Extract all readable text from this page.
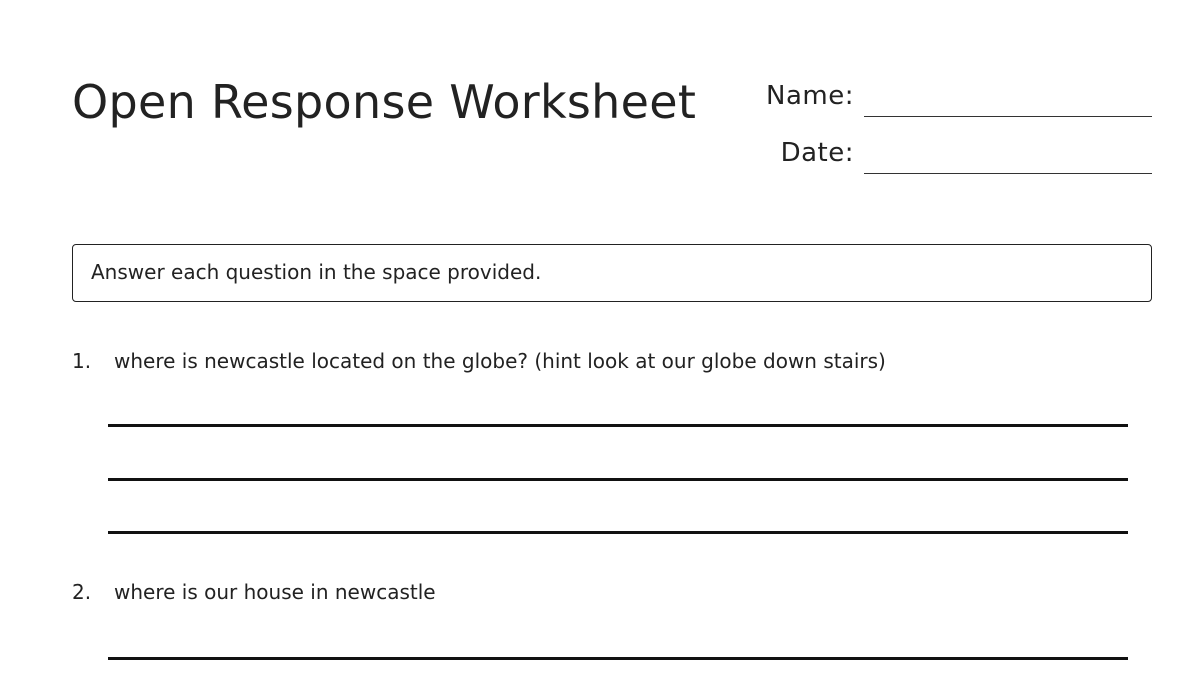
Open Response Worksheet	Name:
Date:
Answer each question in the space provided.
1. where is newcastle located on the globe? (hint look at our globe down stairs)
2. where is our house in newcastle
